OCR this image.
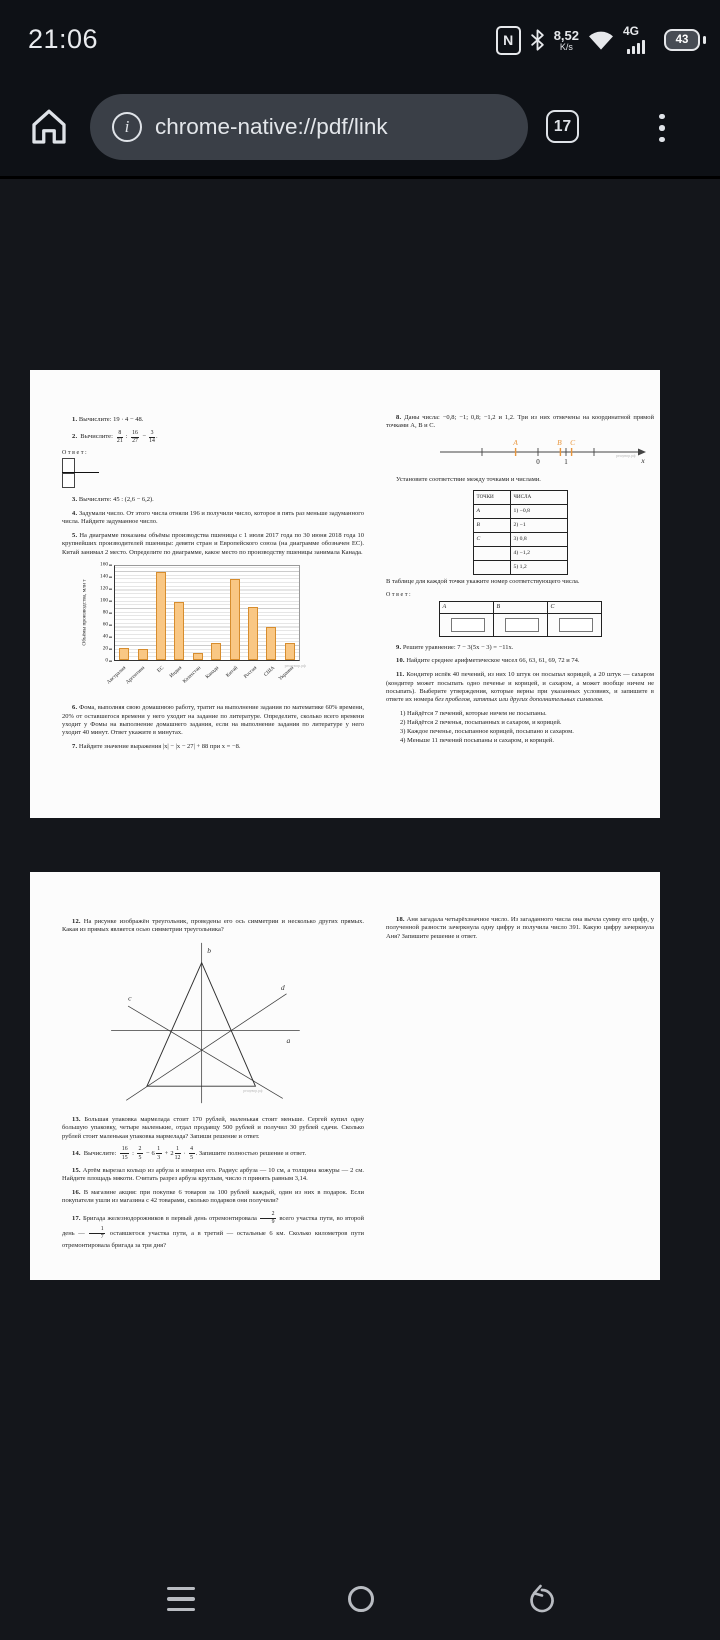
21:06	N	8,52
K/s
4G
43
i	chrome-native://pdf/link	17

1. Вычислите: 19 · 4 − 48.

2. Вычислите: $\frac{8}{21}$ : $\frac{16}{27} - \frac{3}{14}$ .

Ответ:

3. Вычислите: 45 : (2,6 − 6,2).

4. Задумали число. От этого числа отняли 196 и получили число, которое в пять раз меньше задуманного числа. Найдите задуманное число.

5. На диаграмме показаны объёмы производства пшеницы с 1 июля 2017 года по 30 июня 2018 года 10 крупнейших производителей пшеницы: девяти стран и Европейского союза (на диаграмме обозначен ЕС). Китай занимал 2 место. Определите по диаграмме, какое место по производству пшеницы занимала Канада.

Объёмы производства, млн т
0
20
40
60
80
100
120
140
160
Австралия
Аргентина	ЕС Индия
Казахстан Канада Китай Россия	США Украина
решувпр.рф

6. Фома, выполняя свою домашнюю работу, тратит на выполнение задания по математике 60% времени, 20% от оставшегося времени у него уходит на задание по литературе. Определите, сколько всего времени уходит у Фомы на выполнение домашнего задания, если на выполнение задания по литературе у него уходит 40 минут. Ответ укажите в минутах.

7. Найдите значение выражения |x| − |x − 27| + 88 при x = −8.

8. Даны числа: −0,8; −1; 0,8; −1,2 и 1,2. Три из них отмечены на координатной прямой точками A, B и C.

A	B C
0	1	x
решувпр.рф

Установите соответствие между точками и числами.

ТОЧКИ	ЧИСЛА
A	1) −0,8
B	2) −1
C	3) 0,8
	4) −1,2
	5) 1,2

В таблице для каждой точки укажите номер соответствующего числа.

Ответ:
A	B	C

9. Решите уравнение: 7 − 3(5x − 3) = −11x.

10. Найдите среднее арифметическое чисел 66, 63, 61, 69, 72 и 74.

11. Кондитер испёк 40 печений, из них 10 штук он посыпал корицей, а 20 штук — сахаром (кондитер может посыпать одно печенье и корицей, и сахаром, а может вообще ничем не посыпать). Выберите утверждения, которые верны при указанных условиях, и запишите в ответе их номера без пробелов, запятых или других дополнительных символов.

1) Найдётся 7 печений, которые ничем не посыпаны.
2) Найдётся 2 печенья, посыпанных и сахаром, и корицей.
3) Каждое печенье, посыпанное корицей, посыпано и сахаром.
4) Меньше 11 печений посыпаны и сахаром, и корицей.

12. На рисунке изображён треугольник, проведены его ось симметрии и несколько других прямых. Какая из прямых является осью симметрии треугольника?

b
a
c
d
решувпр.рф

13. Большая упаковка мармелада стоит 170 рублей, маленькая стоит меньше. Сергей купил одну большую упаковку, четыре маленькие, отдал продавцу 500 рублей и получил 30 рублей сдачи. Сколько рублей стоит маленькая упаковка мармелада? Запиши решение и ответ.

14. Вычислите: $\frac{16}{15}$ : $\frac{2}{5} - 6 \frac{1}{3} + 2 \frac{1}{12} \cdot \frac{4}{5}$ . Запишите полностью решение и ответ.

15. Артём вырезал кольцо из арбуза и измерил его. Радиус арбуза — 10 см, а толщина кожуры — 2 см. Найдите площадь мякоти. Считать разрез арбуза круглым, число π принять равным 3,14.

16. В магазине акция: при покупке 6 товаров за 100 рублей каждый, один из них в подарок. Если покупатели ушли из магазина с 42 товарами, сколько подарков они получили?

17. Бригада железнодорожников в первый день отремонтировала $\frac{2}{9}$ всего участка пути, во второй день — $\frac{1}{7}$ оставшегося участка пути, а в третий — остальные 6 км. Сколько километров пути отремонтировала бригада за три дня?

18. Аня загадала четырёхзначное число. Из загаданного числа она вычла сумму его цифр, у полученной разности зачеркнула одну цифру и получила число 391. Какую цифру зачеркнула Аня? Запишите решение и ответ.
